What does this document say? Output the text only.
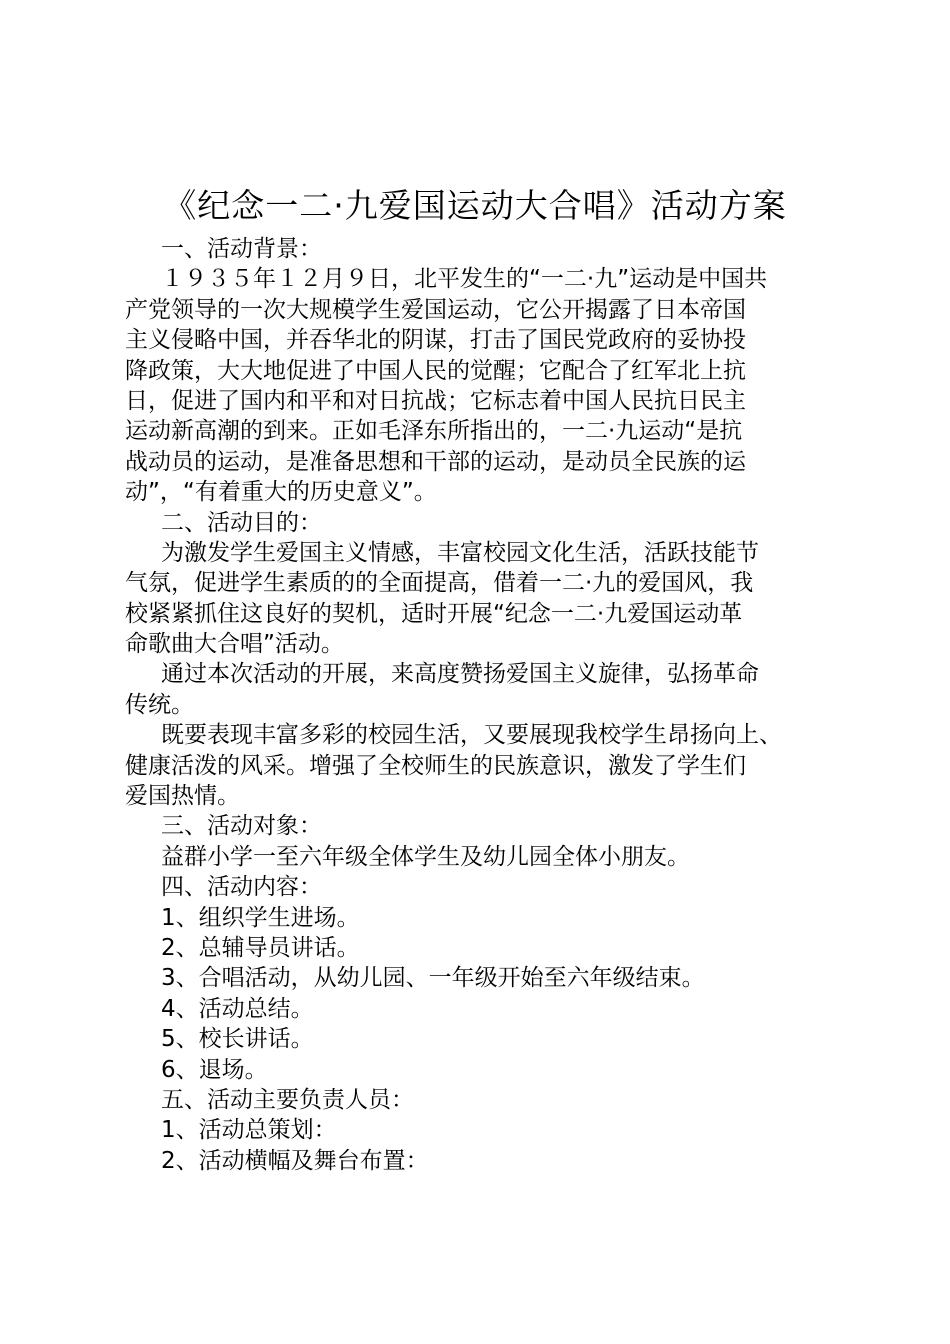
《纪念一二·九爱国运动大合唱》活动方案
一、活动背景：
１９３５年１２月９日，北平发生的“一二·九”运动是中国共
产党领导的一次大规模学生爱国运动，它公开揭露了日本帝国
主义侵略中国，并吞华北的阴谋，打击了国民党政府的妥协投
降政策，大大地促进了中国人民的觉醒；它配合了红军北上抗
日，促进了国内和平和对日抗战；它标志着中国人民抗日民主
运动新高潮的到来。正如毛泽东所指出的，一二·九运动“是抗
战动员的运动，是准备思想和干部的运动，是动员全民族的运
动”，“有着重大的历史意义”。
二、活动目的：
为激发学生爱国主义情感，丰富校园文化生活，活跃技能节
气氛，促进学生素质的的全面提高，借着一二·九的爱国风，我
校紧紧抓住这良好的契机，适时开展“纪念一二·九爱国运动革
命歌曲大合唱”活动。
通过本次活动的开展，来高度赞扬爱国主义旋律，弘扬革命
传统。
既要表现丰富多彩的校园生活，又要展现我校学生昂扬向上、
健康活泼的风采。增强了全校师生的民族意识，激发了学生们
爱国热情。
三、活动对象：
益群小学一至六年级全体学生及幼儿园全体小朋友。
四、活动内容：
1、组织学生进场。
2、总辅导员讲话。
3、合唱活动，从幼儿园、一年级开始至六年级结束。
4、活动总结。
5、校长讲话。
6、退场。
五、活动主要负责人员：
1、活动总策划：
2、活动横幅及舞台布置：
